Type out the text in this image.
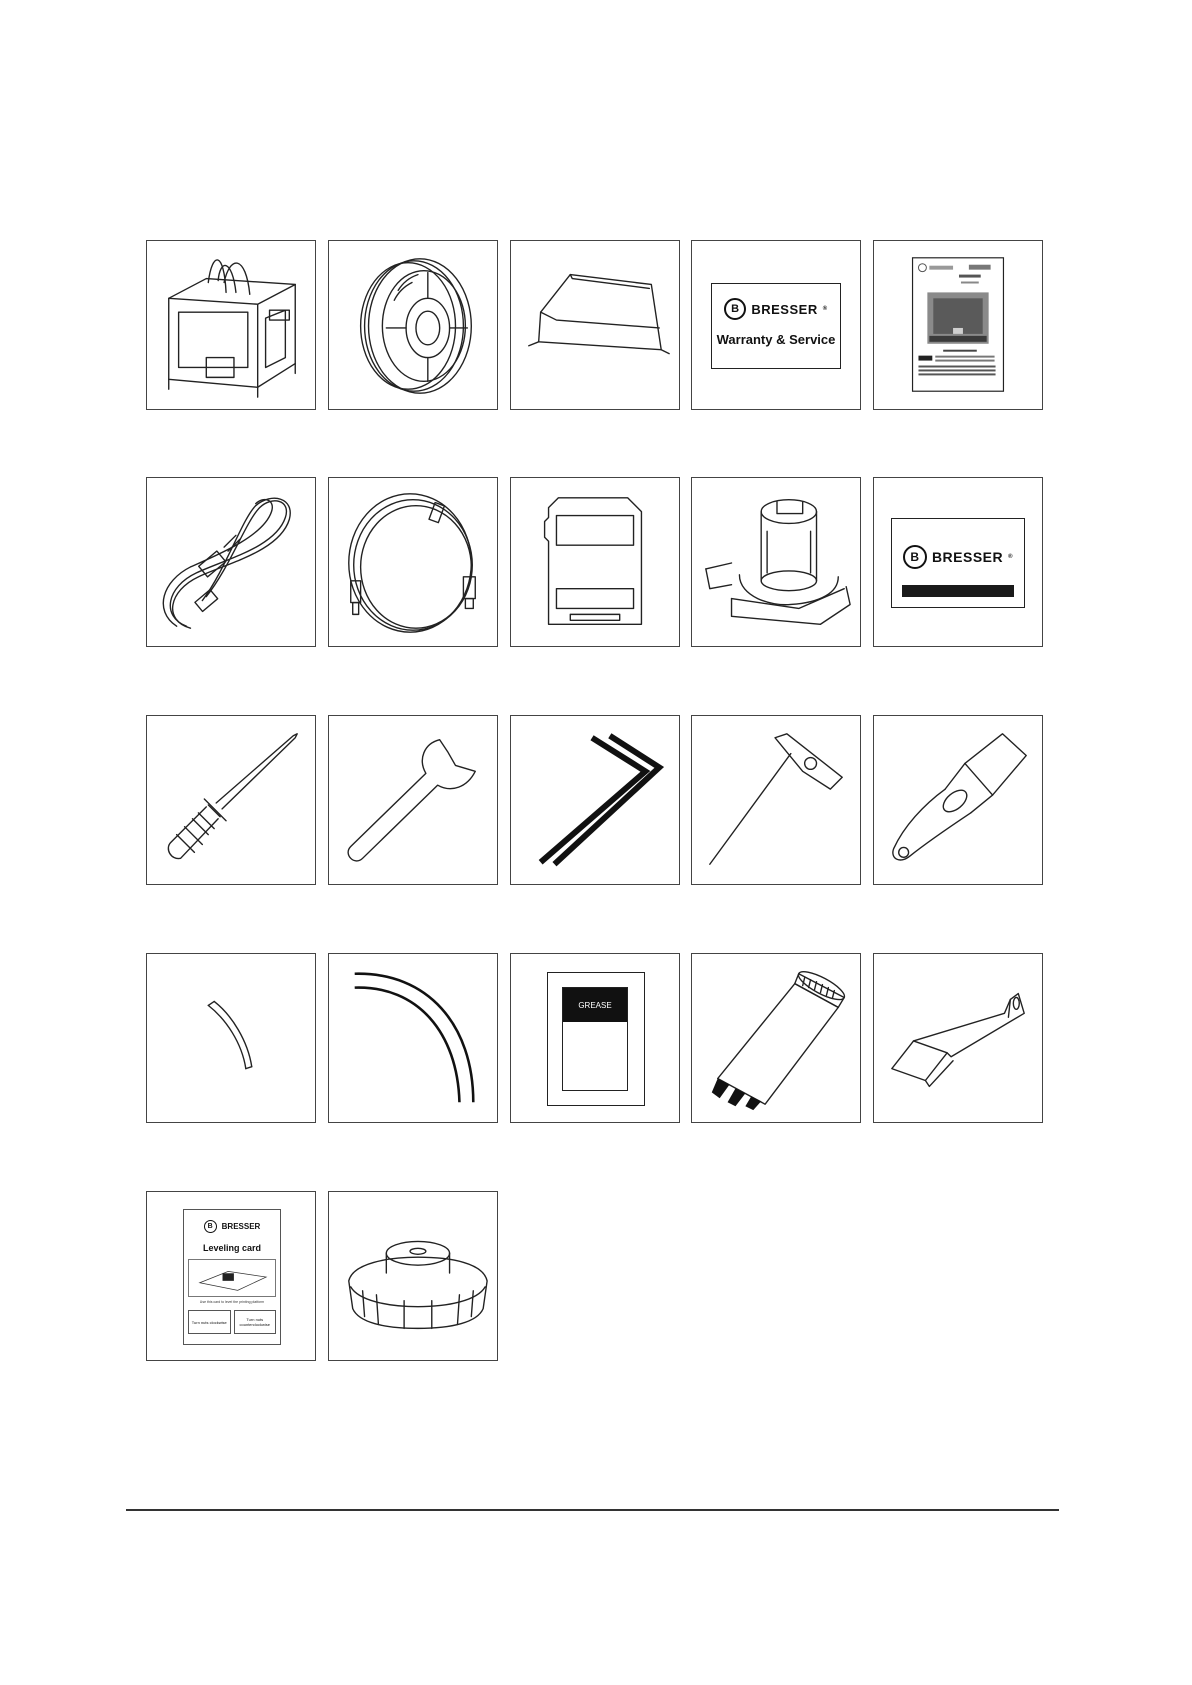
B BRESSER ®
Warranty & Service
B BRESSER ®
GREASE
B	BRESSER
Leveling card
Use this card to level the printing platform
Turn nuts clockwise	Turn nuts counterclockwise
